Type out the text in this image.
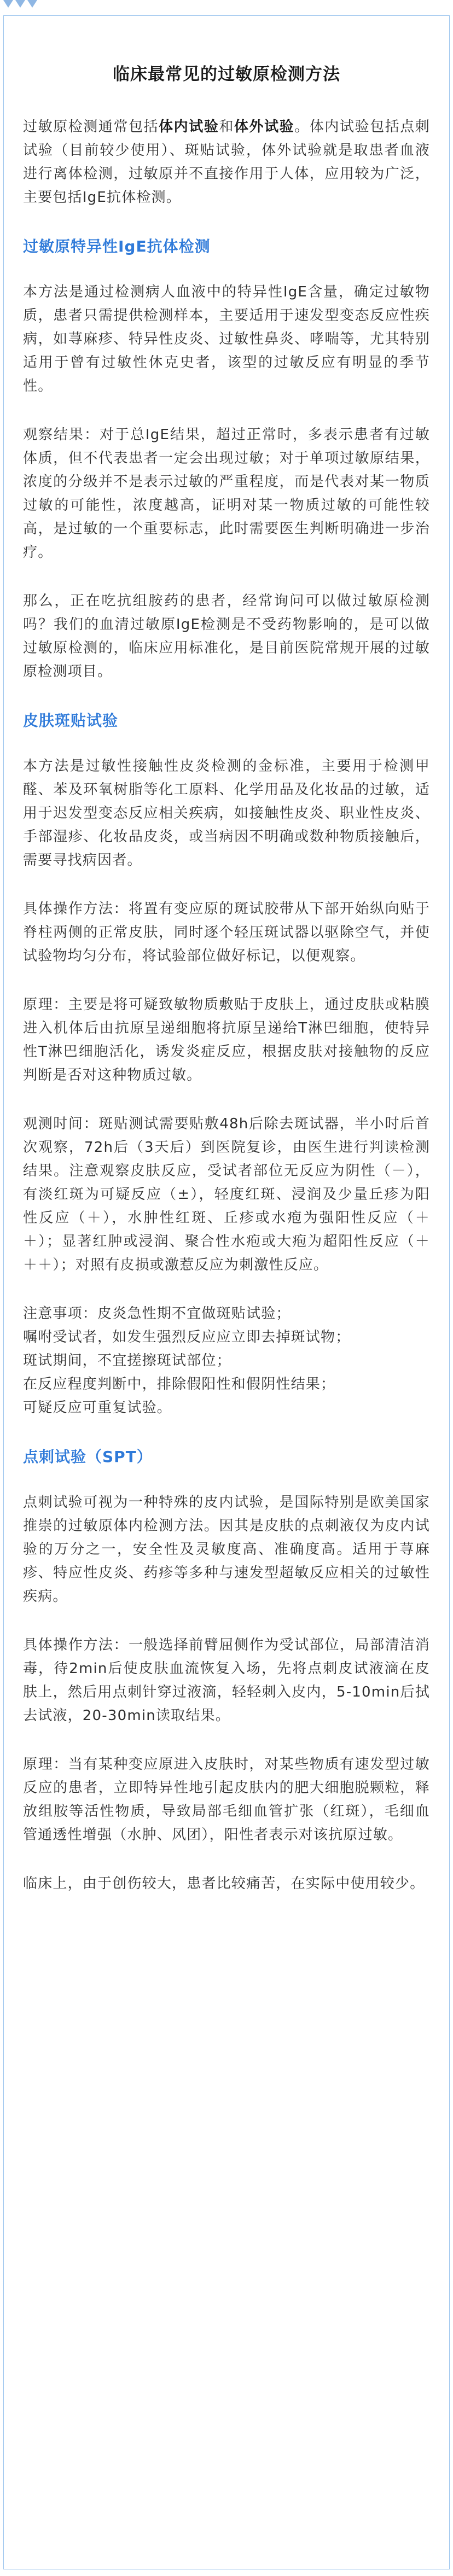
临床最常见的过敏原检测方法
过敏原检测通常包括体内试验和体外试验。体内试验包括点刺试验（目前较少使用）、斑贴试验，体外试验就是取患者血液进行离体检测，过敏原并不直接作用于人体，应用较为广泛，主要包括IgE抗体检测。
过敏原特异性IgE抗体检测
本方法是通过检测病人血液中的特异性IgE含量，确定过敏物质，患者只需提供检测样本，主要适用于速发型变态反应性疾病，如荨麻疹、特异性皮炎、过敏性鼻炎、哮喘等，尤其特别适用于曾有过敏性休克史者，该型的过敏反应有明显的季节性。
观察结果：对于总IgE结果，超过正常时，多表示患者有过敏体质，但不代表患者一定会出现过敏；对于单项过敏原结果，浓度的分级并不是表示过敏的严重程度，而是代表对某一物质过敏的可能性，浓度越高，证明对某一物质过敏的可能性较高，是过敏的一个重要标志，此时需要医生判断明确进一步治疗。
那么，正在吃抗组胺药的患者，经常询问可以做过敏原检测吗？我们的血清过敏原IgE检测是不受药物影响的，是可以做过敏原检测的，临床应用标准化，是目前医院常规开展的过敏原检测项目。
皮肤斑贴试验
本方法是过敏性接触性皮炎检测的金标准，主要用于检测甲醛、苯及环氧树脂等化工原料、化学用品及化妆品的过敏，适用于迟发型变态反应相关疾病，如接触性皮炎、职业性皮炎、手部湿疹、化妆品皮炎，或当病因不明确或数种物质接触后，需要寻找病因者。
具体操作方法：将置有变应原的斑试胶带从下部开始纵向贴于脊柱两侧的正常皮肤，同时逐个轻压斑试器以驱除空气，并使试验物均匀分布，将试验部位做好标记，以便观察。
原理：主要是将可疑致敏物质敷贴于皮肤上，通过皮肤或粘膜进入机体后由抗原呈递细胞将抗原呈递给T淋巴细胞，使特异性T淋巴细胞活化，诱发炎症反应，根据皮肤对接触物的反应判断是否对这种物质过敏。
观测时间：斑贴测试需要贴敷48h后除去斑试器，半小时后首次观察，72h后（3天后）到医院复诊，由医生进行判读检测结果。注意观察皮肤反应，受试者部位无反应为阴性（－），有淡红斑为可疑反应（±），轻度红斑、浸润及少量丘疹为阳性反应（＋），水肿性红斑、丘疹或水疱为强阳性反应（＋＋）；显著红肿或浸润、聚合性水疱或大疱为超阳性反应（＋＋＋）；对照有皮损或激惹反应为刺激性反应。
注意事项：皮炎急性期不宜做斑贴试验；
嘱咐受试者，如发生强烈反应应立即去掉斑试物；
斑试期间，不宜搓擦斑试部位；
在反应程度判断中，排除假阳性和假阴性结果；
可疑反应可重复试验。
点刺试验（SPT）
点刺试验可视为一种特殊的皮内试验，是国际特别是欧美国家推崇的过敏原体内检测方法。因其是皮肤的点刺液仅为皮内试验的万分之一，安全性及灵敏度高、准确度高。适用于荨麻疹、特应性皮炎、药疹等多种与速发型超敏反应相关的过敏性疾病。
具体操作方法：一般选择前臂屈侧作为受试部位，局部清洁消毒，待2min后使皮肤血流恢复入场，先将点刺皮试液滴在皮肤上，然后用点刺针穿过液滴，轻轻刺入皮内，5-10min后拭去试液，20-30min读取结果。
原理：当有某种变应原进入皮肤时，对某些物质有速发型过敏反应的患者，立即特异性地引起皮肤内的肥大细胞脱颗粒，释放组胺等活性物质，导致局部毛细血管扩张（红斑），毛细血管通透性增强（水肿、风团），阳性者表示对该抗原过敏。
临床上，由于创伤较大，患者比较痛苦，在实际中使用较少。
